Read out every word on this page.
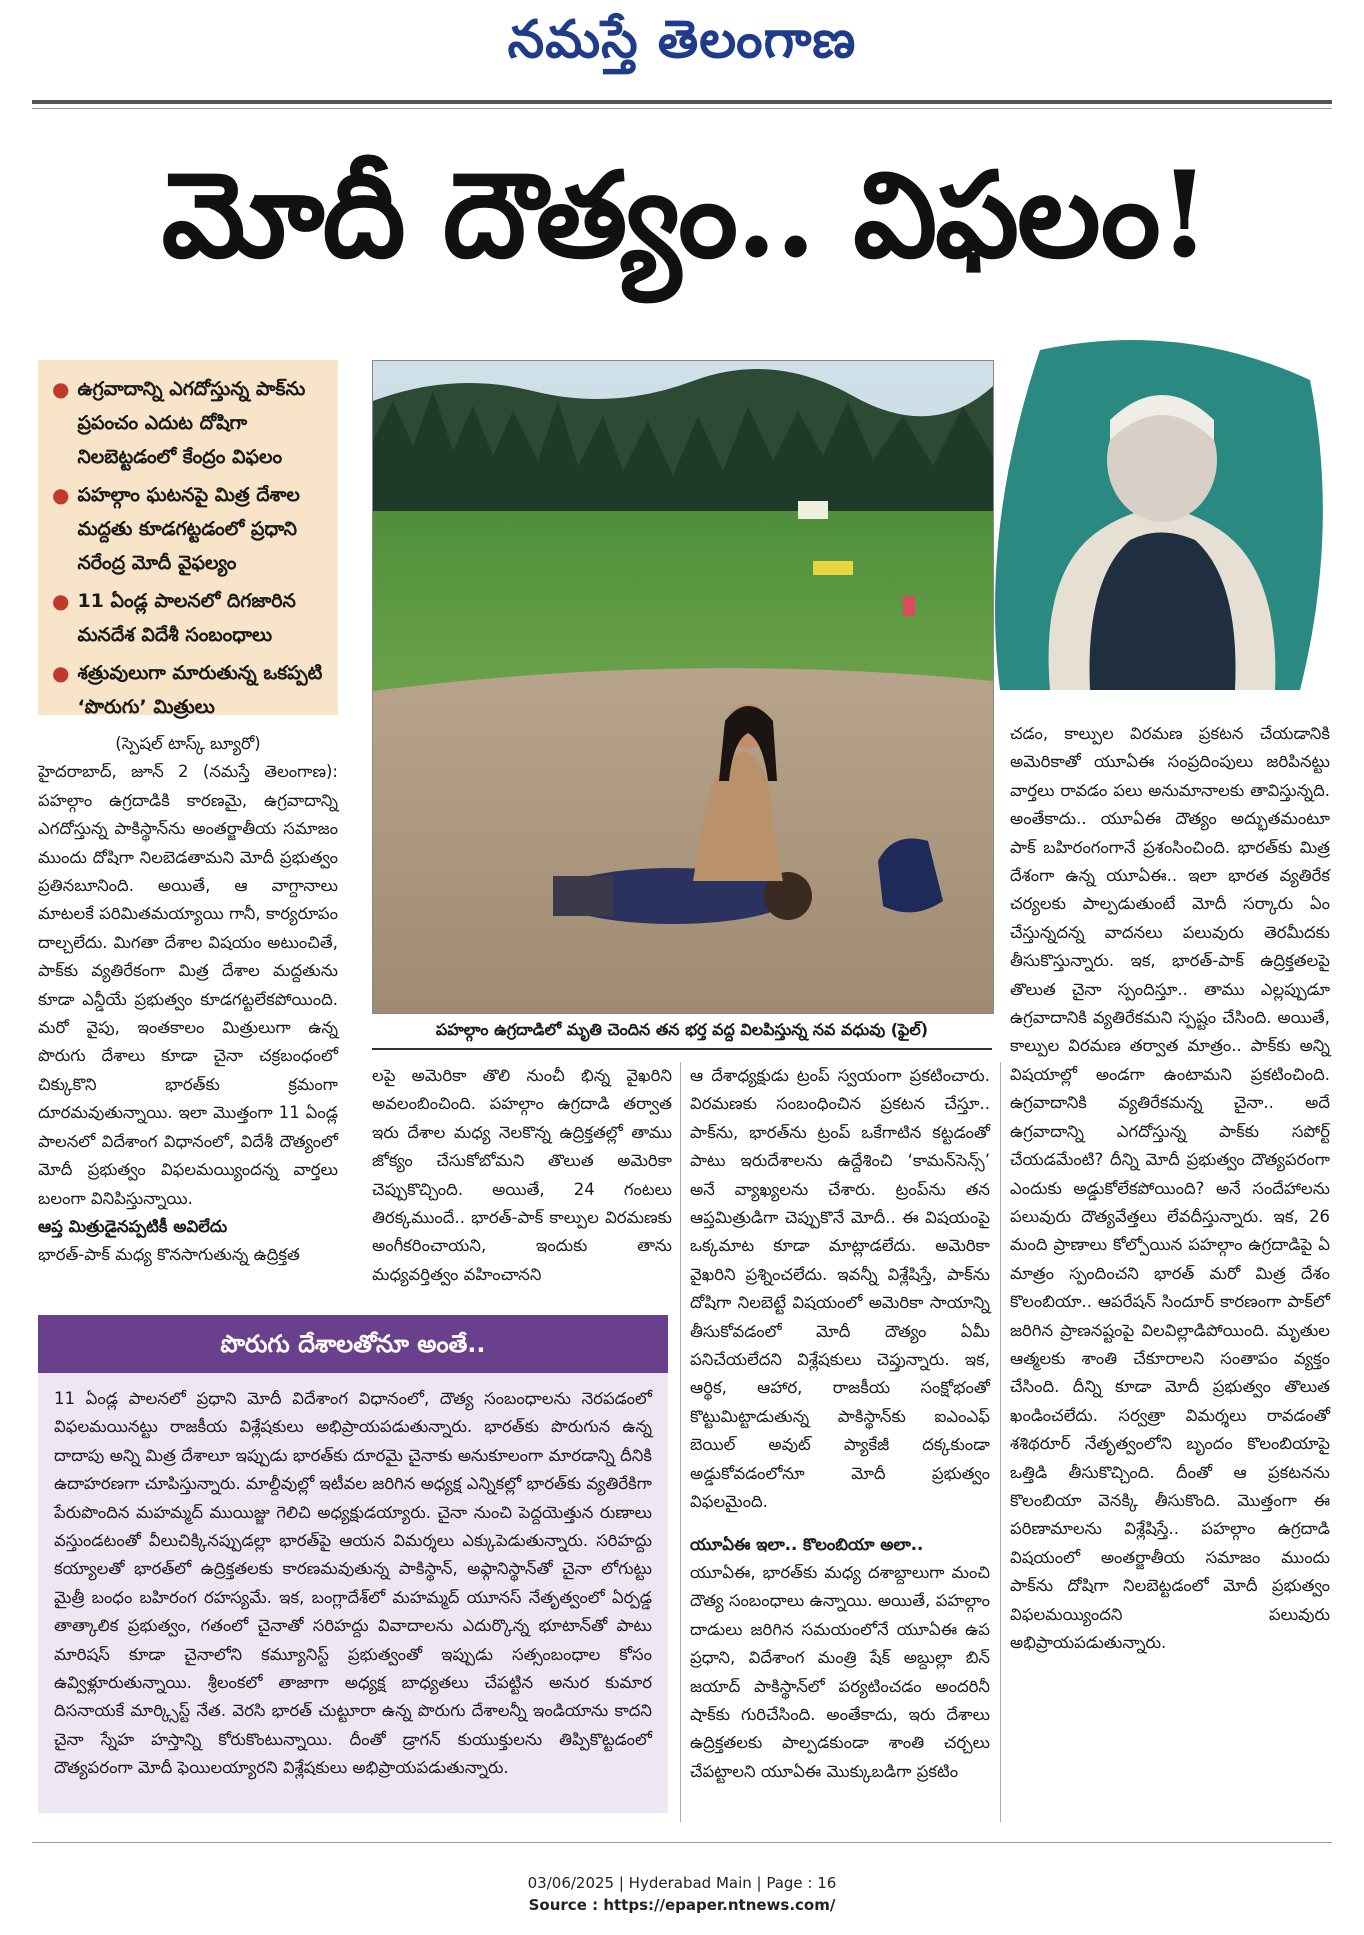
నమస్తే తెలంగాణ
మోదీ దౌత్యం.. విఫలం!
● ఉగ్రవాదాన్ని ఎగదోస్తున్న పాక్‌ను ప్రపంచం ఎదుట దోషిగా నిలబెట్టడంలో కేంద్రం విఫలం
● పహల్గాం ఘటనపై మిత్ర దేశాల మద్దతు కూడగట్టడంలో ప్రధాని నరేంద్ర మోదీ వైఫల్యం
● 11 ఏండ్ల పాలనలో దిగజారిన మనదేశ విదేశీ సంబంధాలు
● శత్రువులుగా మారుతున్న ఒకప్పటి ‘పొరుగు’ మిత్రులు
పహల్గాం ఉగ్రదాడిలో మృతి చెందిన తన భర్త వద్ద విలపిస్తున్న నవ వధువు (ఫైల్)

(స్పెషల్ టాస్క్ బ్యూరో)

హైదరాబాద్, జూన్ 2 (నమస్తే తెలంగాణ): పహల్గాం ఉగ్రదాడికి కారణమై, ఉగ్రవాదాన్ని ఎగదోస్తున్న పాకిస్థాన్‌ను అంతర్జాతీయ సమాజం ముందు దోషిగా నిలబెడతామని మోదీ ప్రభుత్వం ప్రతినబూనింది. అయితే, ఆ వాగ్దానాలు మాటలకే పరిమితమయ్యాయి గానీ, కార్యరూపం దాల్చలేదు. మిగతా దేశాల విషయం అటుంచితే, పాక్‌కు వ్యతిరేకంగా మిత్ర దేశాల మద్దతును కూడా ఎన్డీయే ప్రభుత్వం కూడగట్టలేకపోయింది. మరో వైపు, ఇంతకాలం మిత్రులుగా ఉన్న పొరుగు దేశాలు కూడా చైనా చక్రబంధంలో చిక్కుకొని భారత్‌కు క్రమంగా దూరమవుతున్నాయి. ఇలా మొత్తంగా 11 ఏండ్ల పాలనలో విదేశాంగ విధానంలో, విదేశీ దౌత్యంలో మోదీ ప్రభుత్వం విఫలమయ్యిందన్న వార్తలు బలంగా వినిపిస్తున్నాయి.

ఆప్త మిత్రుడైనప్పటికీ అవిలేదు

భారత్-పాక్ మధ్య కొనసాగుతున్న ఉద్రిక్తత

లపై అమెరికా తొలి నుంచీ భిన్న వైఖరిని అవలంబించింది. పహల్గాం ఉగ్రదాడి తర్వాత ఇరు దేశాల మధ్య నెలకొన్న ఉద్రిక్తతల్లో తాము జోక్యం చేసుకోబోమని తొలుత అమెరికా చెప్పుకొచ్చింది. అయితే, 24 గంటలు తిరక్కముందే.. భారత్-పాక్ కాల్పుల విరమణకు అంగీకరించాయని, ఇందుకు తాను మధ్యవర్తిత్వం వహించానని

ఆ దేశాధ్యక్షుడు ట్రంప్ స్వయంగా ప్రకటించారు. విరమణకు సంబంధించిన ప్రకటన చేస్తూ.. పాక్‌ను, భారత్‌ను ట్రంప్ ఒకేగాటిన కట్టడంతో పాటు ఇరుదేశాలను ఉద్దేశించి ‘కామన్‌సెన్స్’ అనే వ్యాఖ్యలను చేశారు. ట్రంప్‌ను తన ఆప్తమిత్రుడిగా చెప్పుకొనే మోదీ.. ఈ విషయంపై ఒక్కమాట కూడా మాట్లాడలేదు. అమెరికా వైఖరిని ప్రశ్నించలేదు. ఇవన్నీ విశ్లేషిస్తే, పాక్‌ను దోషిగా నిలబెట్టే విషయంలో అమెరికా సాయాన్ని తీసుకోవడంలో మోదీ దౌత్యం ఏమీ పనిచేయలేదని విశ్లేషకులు చెప్తున్నారు. ఇక, ఆర్థిక, ఆహార, రాజకీయ సంక్షోభంతో కొట్టుమిట్టాడుతున్న పాకిస్థాన్‌కు ఐఎంఎఫ్ బెయిల్ అవుట్ ప్యాకేజీ దక్కకుండా అడ్డుకోవడంలోనూ మోదీ ప్రభుత్వం విఫలమైంది.

యూఏఈ ఇలా.. కొలంబియా అలా..

యూఏఈ, భారత్‌కు మధ్య దశాబ్దాలుగా మంచి దౌత్య సంబంధాలు ఉన్నాయి. అయితే, పహల్గాం దాడులు జరిగిన సమయంలోనే యూఏఈ ఉప ప్రధాని, విదేశాంగ మంత్రి షేక్ అబ్దుల్లా బిన్ జయాద్ పాకిస్థాన్‌లో పర్యటించడం అందరినీ షాక్‌కు గురిచేసింది. అంతేకాదు, ఇరు దేశాలు ఉద్రిక్తతలకు పాల్పడకుండా శాంతి చర్చలు చేపట్టాలని యూఏఈ మొక్కుబడిగా ప్రకటిం

చడం, కాల్పుల విరమణ ప్రకటన చేయడానికి అమెరికాతో యూఏఈ సంప్రదింపులు జరిపినట్టు వార్తలు రావడం పలు అనుమానాలకు తావిస్తున్నది. అంతేకాదు.. యూఏఈ దౌత్యం అద్భుతమంటూ పాక్ బహిరంగంగానే ప్రశంసించింది. భారత్‌కు మిత్ర దేశంగా ఉన్న యూఏఈ.. ఇలా భారత వ్యతిరేక చర్యలకు పాల్పడుతుంటే మోదీ సర్కారు ఏం చేస్తున్నదన్న వాదనలు పలువురు తెరమీదకు తీసుకొస్తున్నారు. ఇక, భారత్-పాక్ ఉద్రిక్తతలపై తొలుత చైనా స్పందిస్తూ.. తాము ఎల్లప్పుడూ ఉగ్రవాదానికి వ్యతిరేకమని స్పష్టం చేసింది. అయితే, కాల్పుల విరమణ తర్వాత మాత్రం.. పాక్‌కు అన్ని విషయాల్లో అండగా ఉంటామని ప్రకటించింది. ఉగ్రవాదానికి వ్యతిరేకమన్న చైనా.. అదే ఉగ్రవాదాన్ని ఎగదోస్తున్న పాక్‌కు సపోర్ట్ చేయడమేంటి? దీన్ని మోదీ ప్రభుత్వం దౌత్యపరంగా ఎందుకు అడ్డుకోలేకపోయింది? అనే సందేహాలను పలువురు దౌత్యవేత్తలు లేవదీస్తున్నారు. ఇక, 26 మంది ప్రాణాలు కోల్పోయిన పహల్గాం ఉగ్రదాడిపై ఏ మాత్రం స్పందించని భారత్ మరో మిత్ర దేశం కొలంబియా.. ఆపరేషన్ సిందూర్ కారణంగా పాక్‌లో జరిగిన ప్రాణనష్టంపై విలవిల్లాడిపోయింది. మృతుల ఆత్మలకు శాంతి చేకూరాలని సంతాపం వ్యక్తం చేసింది. దీన్ని కూడా మోదీ ప్రభుత్వం తొలుత ఖండించలేదు. సర్వత్రా విమర్శలు రావడంతో శశిథరూర్ నేతృత్వంలోని బృందం కొలంబియాపై ఒత్తిడి తీసుకొచ్చింది. దీంతో ఆ ప్రకటనను కొలంబియా వెనక్కి తీసుకొంది. మొత్తంగా ఈ పరిణామాలను విశ్లేషిస్తే.. పహల్గాం ఉగ్రదాడి విషయంలో అంతర్జాతీయ సమాజం ముందు పాక్‌ను దోషిగా నిలబెట్టడంలో మోదీ ప్రభుత్వం విఫలమయ్యిందని పలువురు అభిప్రాయపడుతున్నారు.

పొరుగు దేశాలతోనూ అంతే..

11 ఏండ్ల పాలనలో ప్రధాని మోదీ విదేశాంగ విధానంలో, దౌత్య సంబంధాలను నెరపడంలో విఫలమయినట్టు రాజకీయ విశ్లేషకులు అభిప్రాయపడుతున్నారు. భారత్‌కు పొరుగున ఉన్న దాదాపు అన్ని మిత్ర దేశాలూ ఇప్పుడు భారత్‌కు దూరమై చైనాకు అనుకూలంగా మారడాన్ని దీనికి ఉదాహరణగా చూపిస్తున్నారు. మాల్దీవుల్లో ఇటీవల జరిగిన అధ్యక్ష ఎన్నికల్లో భారత్‌కు వ్యతిరేకిగా పేరుపొందిన మహమ్మద్ ముయిజ్జు గెలిచి అధ్యక్షుడయ్యారు. చైనా నుంచి పెద్దయెత్తున రుణాలు వస్తుండటంతో వీలుచిక్కినప్పుడల్లా భారత్‌పై ఆయన విమర్శలు ఎక్కుపెడుతున్నారు. సరిహద్దు కయ్యాలతో భారత్‌లో ఉద్రిక్తతలకు కారణమవుతున్న పాకిస్థాన్, అఫ్గానిస్థాన్‌తో చైనా లోగుట్టు మైత్రీ బంధం బహిరంగ రహస్యమే. ఇక, బంగ్లాదేశ్‌లో మహమ్మద్ యూనస్ నేతృత్వంలో ఏర్పడ్డ తాత్కాలిక ప్రభుత్వం, గతంలో చైనాతో సరిహద్దు వివాదాలను ఎదుర్కొన్న భూటాన్‌తో పాటు మారిషస్ కూడా చైనాలోని కమ్యూనిస్ట్ ప్రభుత్వంతో ఇప్పుడు సత్సంబంధాల కోసం ఉవ్విళ్లూరుతున్నాయి. శ్రీలంకలో తాజాగా అధ్యక్ష బాధ్యతలు చేపట్టిన అనుర కుమార దిసనాయకే మార్క్సిస్ట్ నేత. వెరసి భారత్ చుట్టూరా ఉన్న పొరుగు దేశాలన్నీ ఇండియాను కాదని చైనా స్నేహ హస్తాన్ని కోరుకొంటున్నాయి. దీంతో డ్రాగన్ కుయుక్తులను తిప్పికొట్టడంలో దౌత్యపరంగా మోదీ ఫెయిలయ్యారని విశ్లేషకులు అభిప్రాయపడుతున్నారు.

03/06/2025 | Hyderabad Main | Page : 16
Source : https://epaper.ntnews.com/
